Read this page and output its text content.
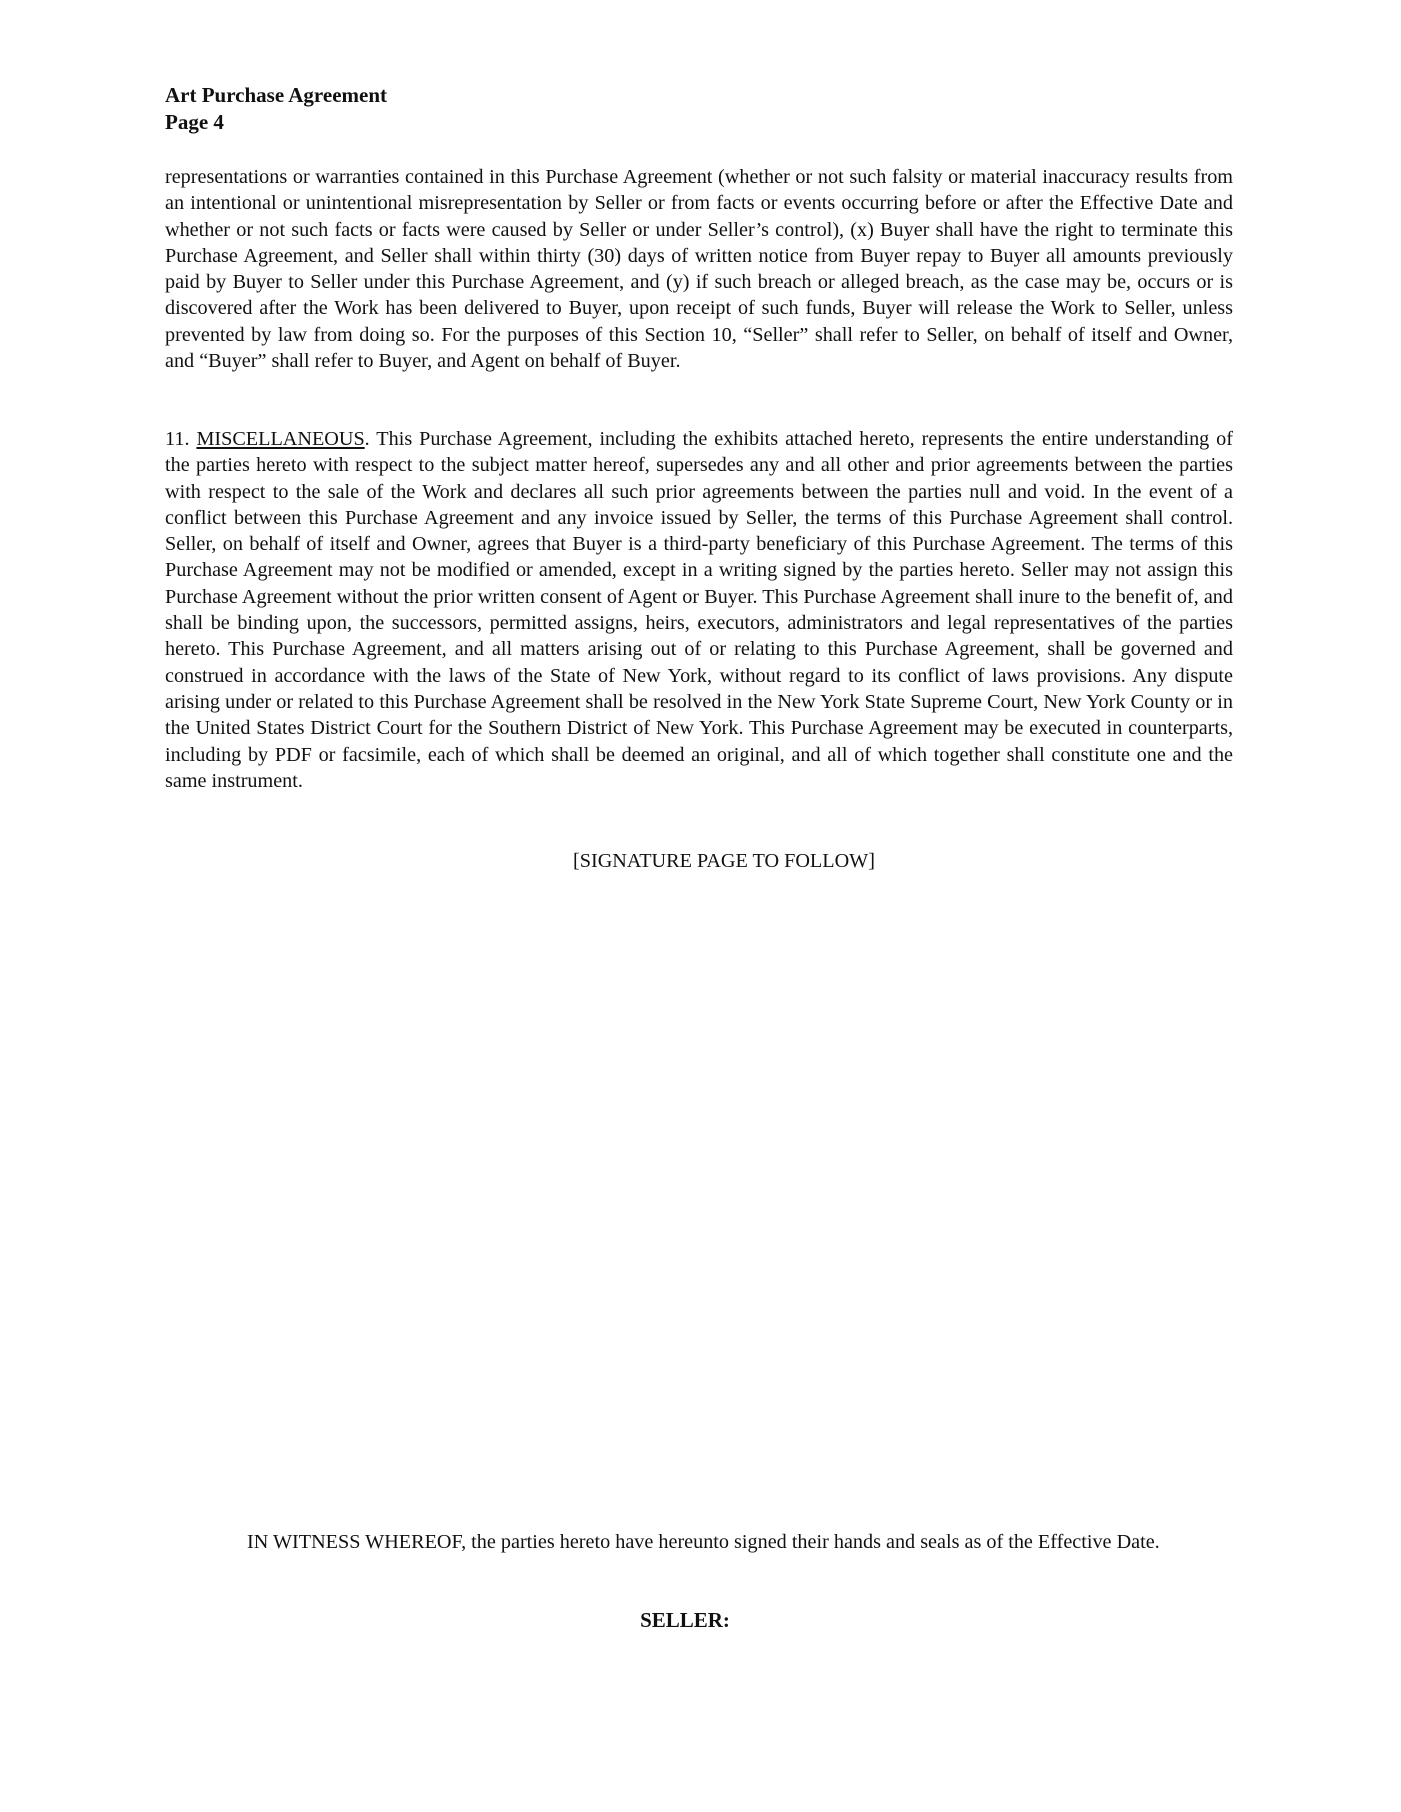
Art Purchase Agreement
Page 4
representations or warranties contained in this Purchase Agreement (whether or not such falsity or material inaccuracy results from an intentional or unintentional misrepresentation by Seller or from facts or events occurring before or after the Effective Date and whether or not such facts or facts were caused by Seller or under Seller’s control), (x) Buyer shall have the right to terminate this Purchase Agreement, and Seller shall within thirty (30) days of written notice from Buyer repay to Buyer all amounts previously paid by Buyer to Seller under this Purchase Agreement, and (y) if such breach or alleged breach, as the case may be, occurs or is discovered after the Work has been delivered to Buyer, upon receipt of such funds, Buyer will release the Work to Seller, unless prevented by law from doing so. For the purposes of this Section 10, “Seller” shall refer to Seller, on behalf of itself and Owner, and “Buyer” shall refer to Buyer, and Agent on behalf of Buyer.
11. MISCELLANEOUS. This Purchase Agreement, including the exhibits attached hereto, represents the entire understanding of the parties hereto with respect to the subject matter hereof, supersedes any and all other and prior agreements between the parties with respect to the sale of the Work and declares all such prior agreements between the parties null and void. In the event of a conflict between this Purchase Agreement and any invoice issued by Seller, the terms of this Purchase Agreement shall control. Seller, on behalf of itself and Owner, agrees that Buyer is a third-party beneficiary of this Purchase Agreement. The terms of this Purchase Agreement may not be modified or amended, except in a writing signed by the parties hereto. Seller may not assign this Purchase Agreement without the prior written consent of Agent or Buyer. This Purchase Agreement shall inure to the benefit of, and shall be binding upon, the successors, permitted assigns, heirs, executors, administrators and legal representatives of the parties hereto. This Purchase Agreement, and all matters arising out of or relating to this Purchase Agreement, shall be governed and construed in accordance with the laws of the State of New York, without regard to its conflict of laws provisions. Any dispute arising under or related to this Purchase Agreement shall be resolved in the New York State Supreme Court, New York County or in the United States District Court for the Southern District of New York. This Purchase Agreement may be executed in counterparts, including by PDF or facsimile, each of which shall be deemed an original, and all of which together shall constitute one and the same instrument.
[SIGNATURE PAGE TO FOLLOW]
IN WITNESS WHEREOF, the parties hereto have hereunto signed their hands and seals as of the Effective Date.
SELLER:
